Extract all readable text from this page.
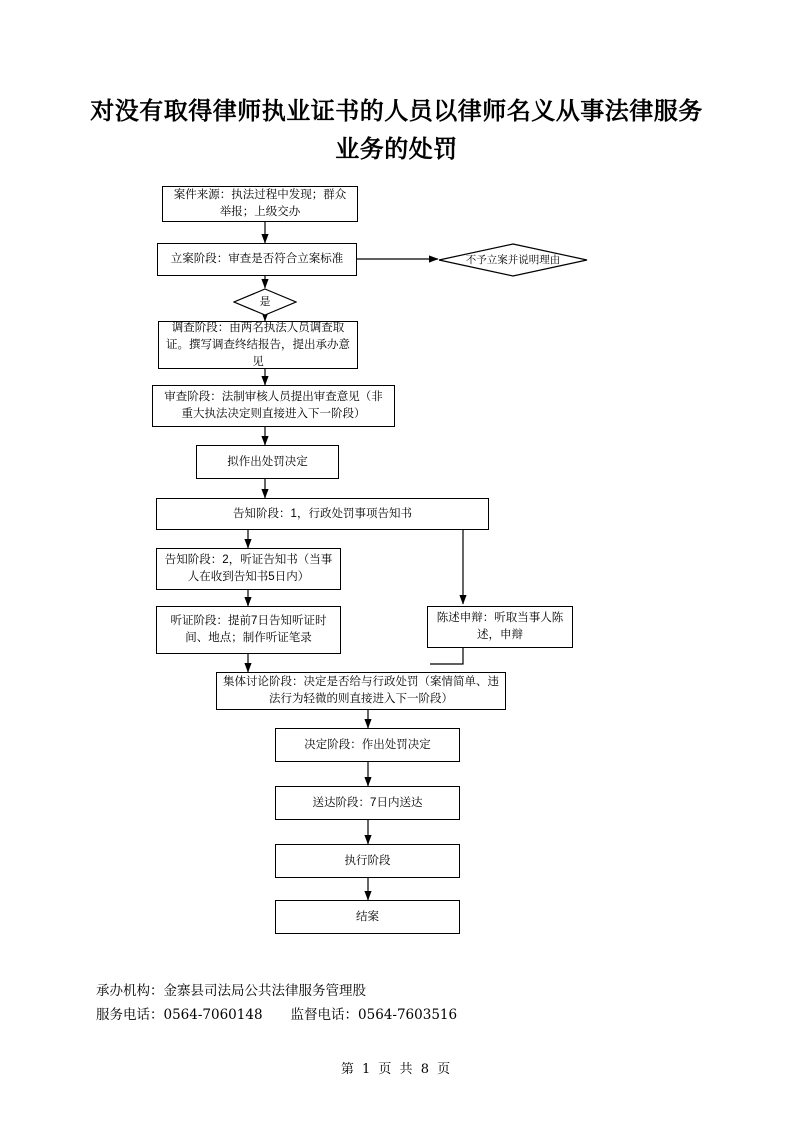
对没有取得律师执业证书的人员以律师名义从事法律服务业务的处罚
案件来源：执法过程中发现；群众举报；上级交办
立案阶段：审查是否符合立案标准	不予立案并说明理由
是
调查阶段：由两名执法人员调查取证。撰写调查终结报告，提出承办意见
审查阶段：法制审核人员提出审查意见（非重大执法决定则直接进入下一阶段）
拟作出处罚决定
告知阶段：1，行政处罚事项告知书
告知阶段：2，听证告知书（当事人在收到告知书5日内）
听证阶段：提前7日告知听证时间、地点；制作听证笔录
陈述申辩：听取当事人陈述，申辩
集体讨论阶段：决定是否给与行政处罚（案情简单、违法行为轻微的则直接进入下一阶段）
决定阶段：作出处罚决定
送达阶段：7日内送达
执行阶段
结案
承办机构：金寨县司法局公共法律服务管理股
服务电话：0564-7060148 监督电话：0564-7603516
第 1 页 共 8 页
